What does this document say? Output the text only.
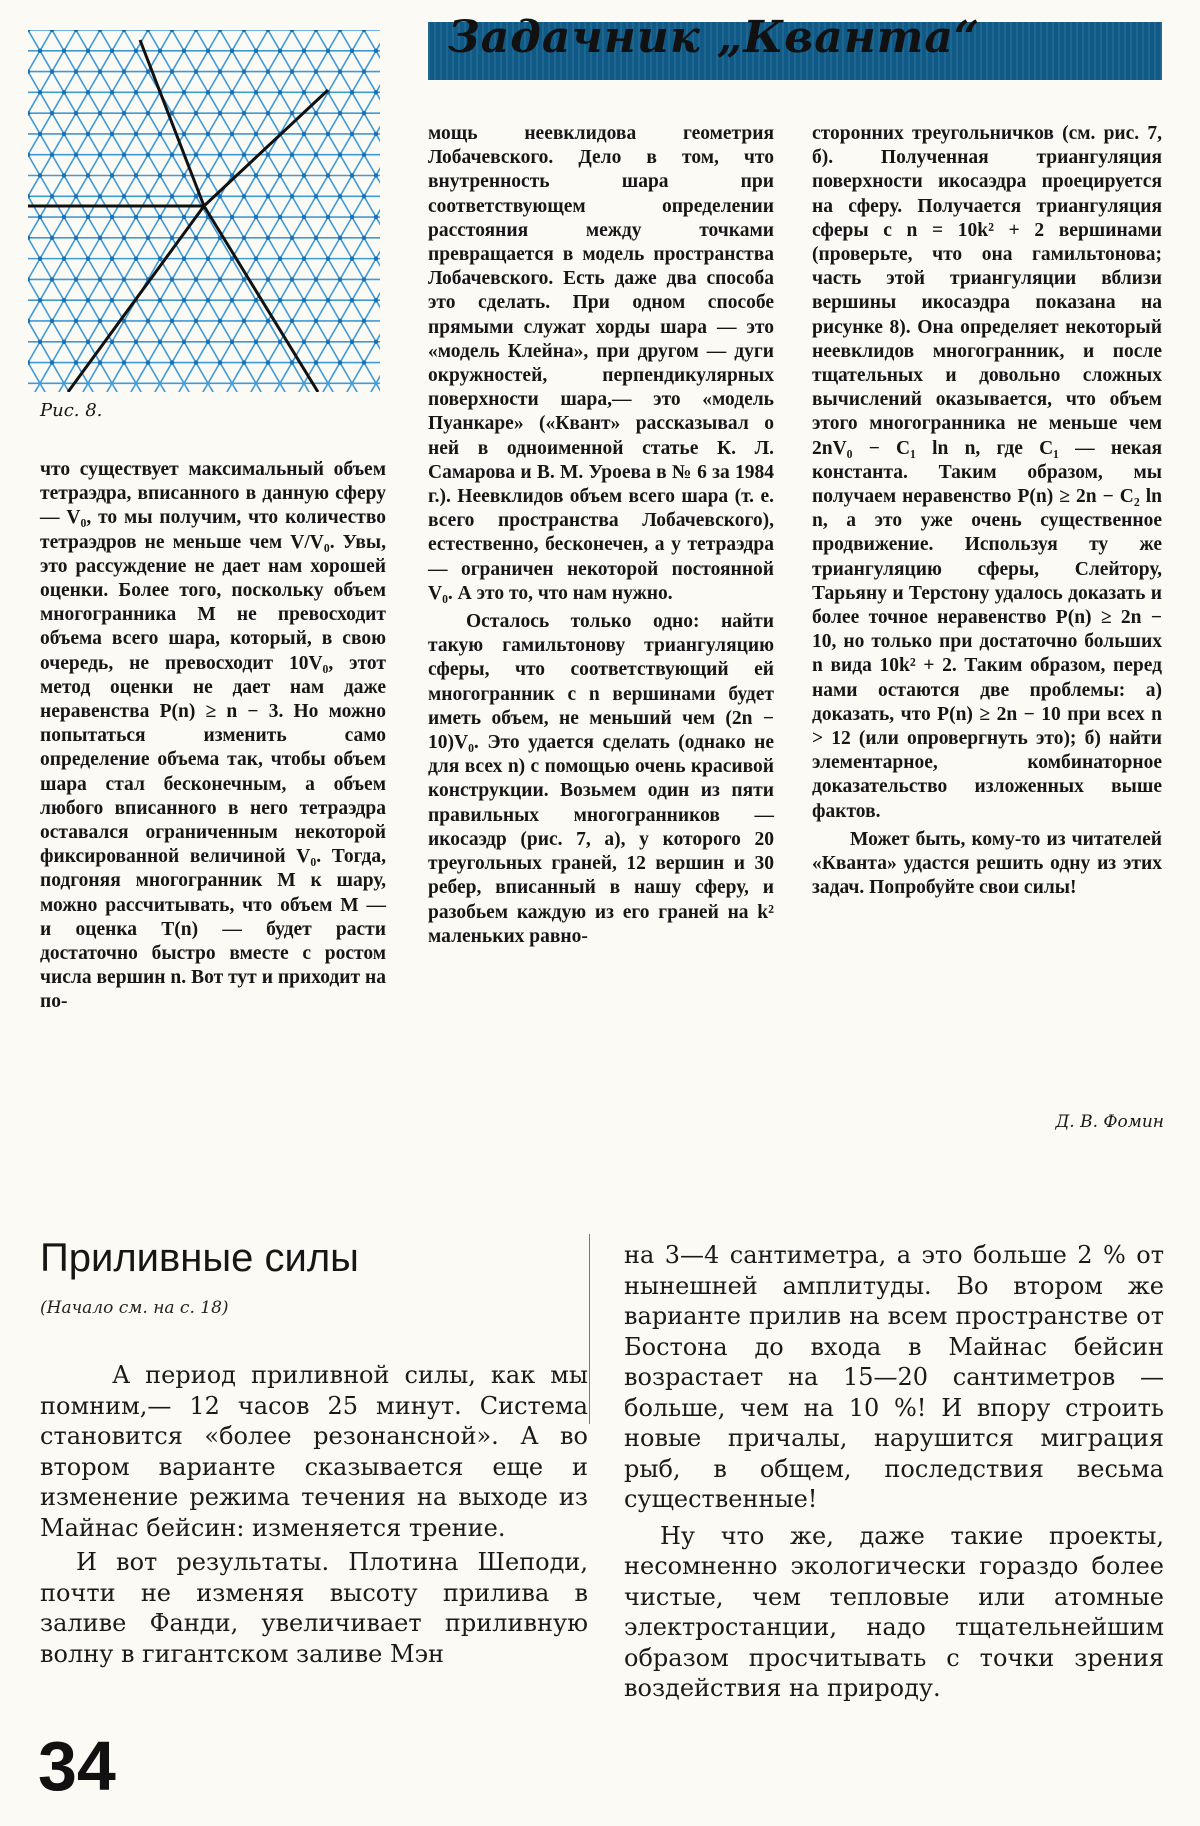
Рис. 8.
Задачник „Кванта“

что существует максимальный объем тетраэдра, вписанного в данную сферу — V₀, то мы получим, что количество тетраэдров не меньше чем V/V₀. Увы, это рассуждение не дает нам хорошей оценки. Более того, поскольку объем многогранника M не превосходит объема всего шара, который, в свою очередь, не превосходит 10V₀, этот метод оценки не дает нам даже неравенства P(n) ≥ n − 3. Но можно попытаться изменить само определение объема так, чтобы объем шара стал бесконечным, а объем любого вписанного в него тетраэдра оставался ограниченным некоторой фиксированной величиной V₀. Тогда, подгоняя многогранник M к шару, можно рассчитывать, что объем M — и оценка T(n) — будет расти достаточно быстро вместе с ростом числа вершин n. Вот тут и приходит на по-

мощь неевклидова геометрия Лобачевского. Дело в том, что внутренность шара при соответствующем определении расстояния между точками превращается в модель пространства Лобачевского. Есть даже два способа это сделать. При одном способе прямыми служат хорды шара — это «модель Клейна», при другом — дуги окружностей, перпендикулярных поверхности шара,— это «модель Пуанкаре» («Квант» рассказывал о ней в одноименной статье К. Л. Самарова и В. М. Уроева в № 6 за 1984 г.). Неевклидов объем всего шара (т. е. всего пространства Лобачевского), естественно, бесконечен, а у тетраэдра — ограничен некоторой постоянной V₀. А это то, что нам нужно.

Осталось только одно: найти такую гамильтонову триангуляцию сферы, что соответствующий ей многогранник с n вершинами будет иметь объем, не меньший чем (2n − 10)V₀. Это удается сделать (однако не для всех n) с помощью очень красивой конструкции. Возьмем один из пяти правильных многогранников — икосаэдр (рис. 7, а), у которого 20 треугольных граней, 12 вершин и 30 ребер, вписанный в нашу сферу, и разобьем каждую из его граней на k² маленьких равно-

сторонних треугольничков (см. рис. 7, б). Полученная триангуляция поверхности икосаэдра проецируется на сферу. Получается триангуляция сферы с n = 10k² + 2 вершинами (проверьте, что она гамильтонова; часть этой триангуляции вблизи вершины икосаэдра показана на рисунке 8). Она определяет некоторый неевклидов многогранник, и после тщательных и довольно сложных вычислений оказывается, что объем этого многогранника не меньше чем 2nV₀ − C₁ ln n, где C₁ — некая константа. Таким образом, мы получаем неравенство P(n) ≥ 2n − C₂ ln n, а это уже очень существенное продвижение. Используя ту же триангуляцию сферы, Слейтору, Тарьяну и Терстону удалось доказать и более точное неравенство P(n) ≥ 2n − 10, но только при достаточно больших n вида 10k² + 2. Таким образом, перед нами остаются две проблемы: а) доказать, что P(n) ≥ 2n − 10 при всех n > 12 (или опровергнуть это); б) найти элементарное, комбинаторное доказательство изложенных выше фактов.

Может быть, кому-то из читателей «Кванта» удастся решить одну из этих задач. Попробуйте свои силы!

Д. В. Фомин
Приливные силы
(Начало см. на с. 18)

А период приливной силы, как мы помним,— 12 часов 25 минут. Система становится «более резонансной». А во втором варианте сказывается еще и изменение режима течения на выходе из Майнас бейсин: изменяется трение.

И вот результаты. Плотина Шеподи, почти не изменяя высоту прилива в заливе Фанди, увеличивает приливную волну в гигантском заливе Мэн

на 3—4 сантиметра, а это больше 2 % от нынешней амплитуды. Во втором же варианте прилив на всем пространстве от Бостона до входа в Майнас бейсин возрастает на 15—20 сантиметров — больше, чем на 10 %! И впору строить новые причалы, нарушится миграция рыб, в общем, последствия весьма существенные!

Ну что же, даже такие проекты, несомненно экологически гораздо более чистые, чем тепловые или атомные электростанции, надо тщательнейшим образом просчитывать с точки зрения воздействия на природу.

34
